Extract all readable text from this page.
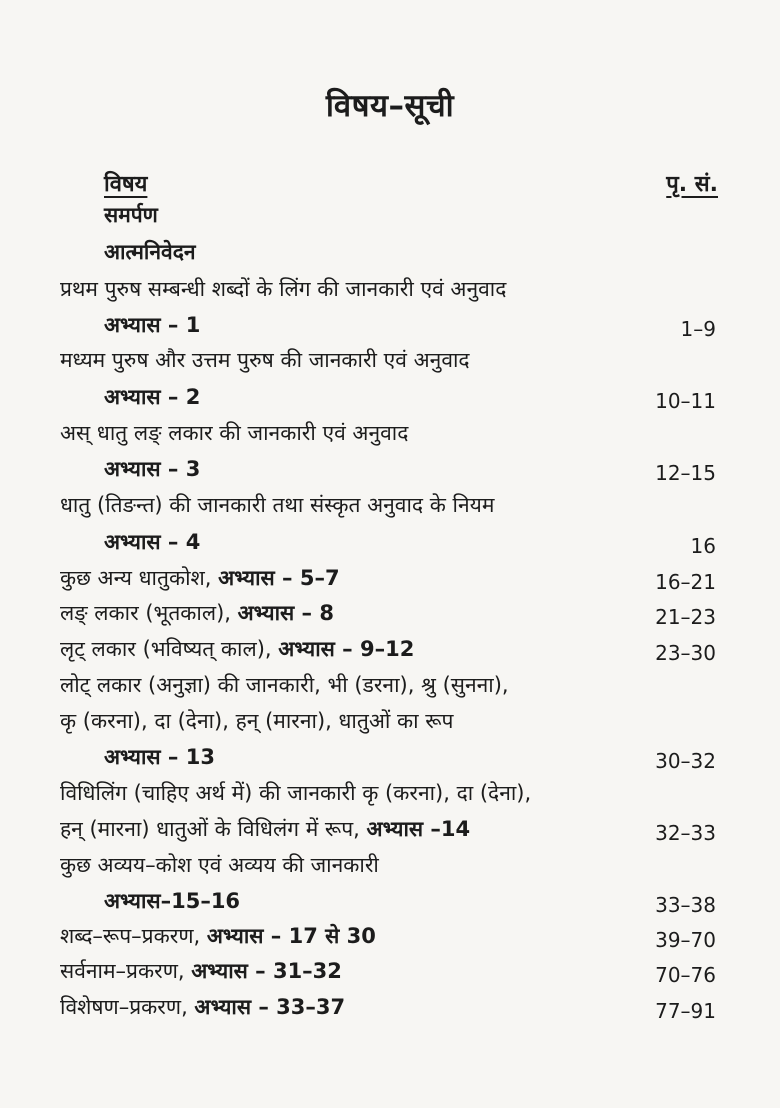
विषय–सूची
विषय	पृ. सं.
समर्पण
आत्मनिवेदन
प्रथम पुरुष सम्बन्धी शब्दों के लिंग की जानकारी एवं अनुवाद
अभ्यास – 1	1–9
मध्यम पुरुष और उत्तम पुरुष की जानकारी एवं अनुवाद
अभ्यास – 2	10–11
अस् धातु लङ् लकार की जानकारी एवं अनुवाद
अभ्यास – 3	12–15
धातु (तिङन्त) की जानकारी तथा संस्कृत अनुवाद के नियम
अभ्यास – 4	16
कुछ अन्य धातुकोश, अभ्यास – 5–7	16–21
लङ् लकार (भूतकाल), अभ्यास – 8	21–23
लृट् लकार (भविष्यत् काल), अभ्यास – 9–12	23–30
लोट् लकार (अनुज्ञा) की जानकारी, भी (डरना), श्रु (सुनना),
कृ (करना), दा (देना), हन् (मारना), धातुओं का रूप
अभ्यास – 13	30–32
विधिलिंग (चाहिए अर्थ में) की जानकारी कृ (करना), दा (देना),
हन् (मारना) धातुओं के विधिलंग में रूप, अभ्यास –14	32–33
कुछ अव्यय–कोश एवं अव्यय की जानकारी
अभ्यास–15–16	33–38
शब्द–रूप–प्रकरण, अभ्यास – 17 से 30	39–70
सर्वनाम–प्रकरण, अभ्यास – 31–32	70–76
विशेषण–प्रकरण, अभ्यास – 33–37	77–91
